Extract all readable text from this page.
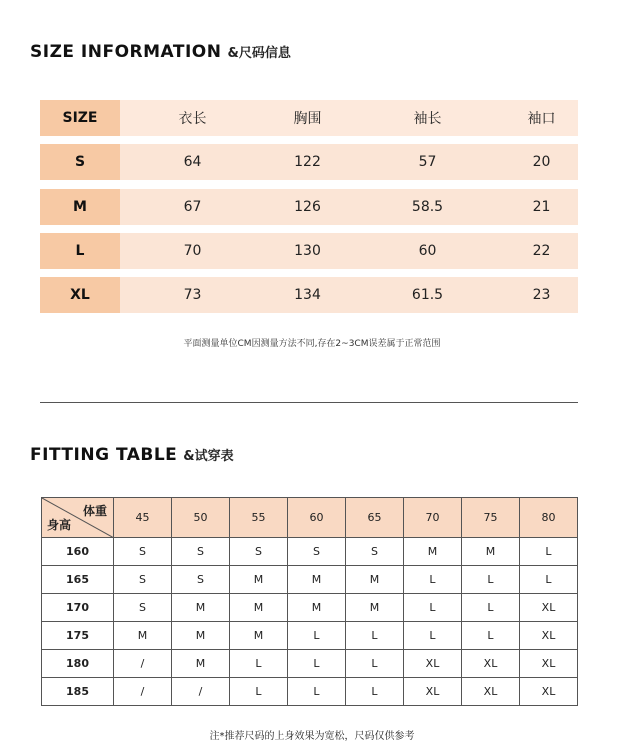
SIZE INFORMATION &尺码信息
SIZE	衣长	胸围	袖长	袖口
S	64	122	57	20
M	67	126	58.5	21
L	70	130	60	22
XL	73	134	61.5	23
平面测量单位CM因测量方法不同,存在2~3CM误差属于正常范围
FITTING TABLE &试穿表
体重
身高	45	50	55	60	65	70	75	80
160	S	S	S	S	S	M	M	L
165	S	S	M	M	M	L	L	L
170	S	M	M	M	M	L	L	XL
175	M	M	M	L	L	L	L	XL
180	/	M	L	L	L	XL	XL	XL
185	/	/	L	L	L	XL	XL	XL
注*推荐尺码的上身效果为宽松，尺码仅供参考
